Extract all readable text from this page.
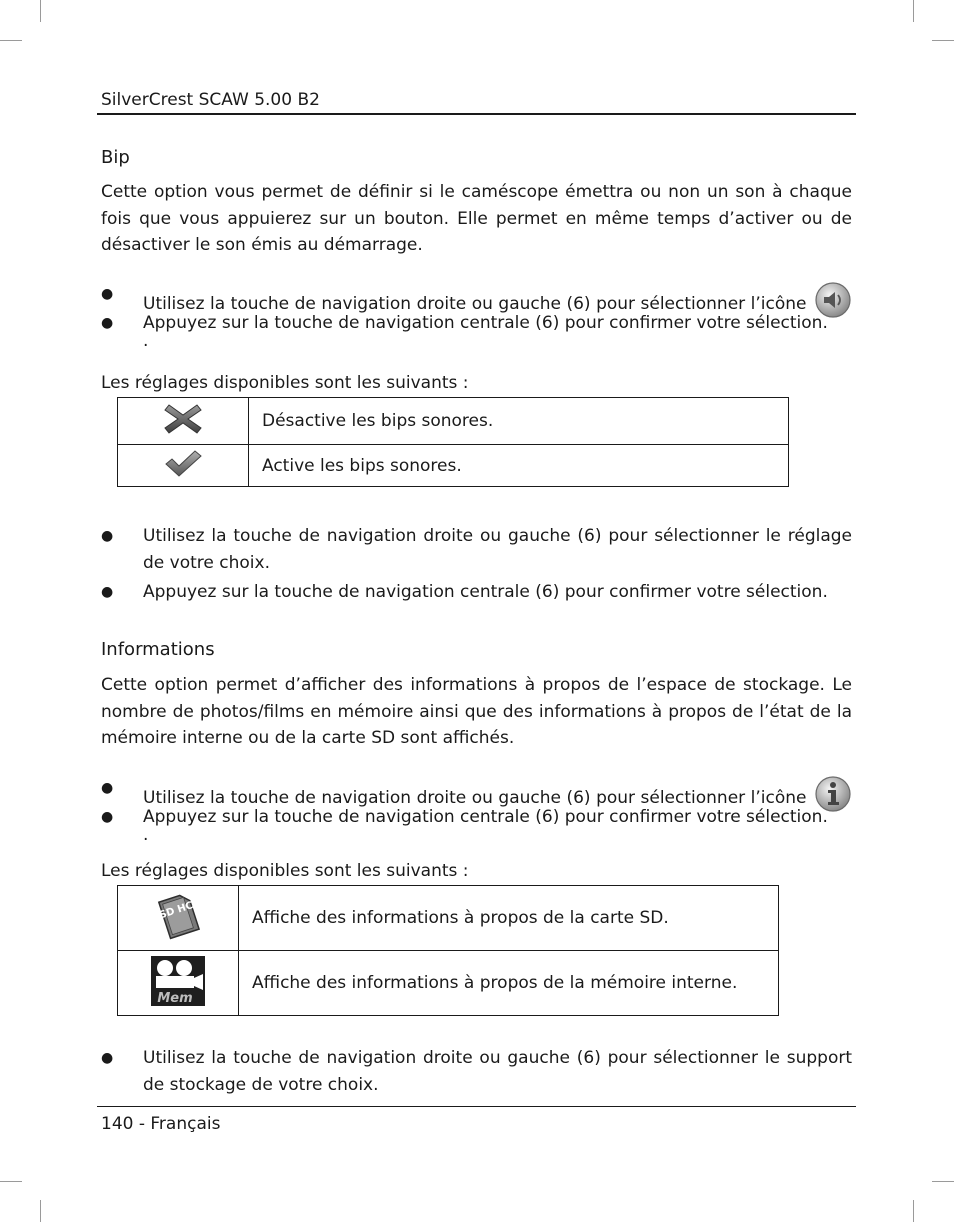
SilverCrest SCAW 5.00 B2
Bip

Cette option vous permet de définir si le caméscope émettra ou non un son à chaque fois que vous appuierez sur un bouton. Elle permet en même temps d’activer ou de désactiver le son émis au démarrage.

● Utilisez la touche de navigation droite ou gauche (6) pour sélectionner l’icône .
● Appuyez sur la touche de navigation centrale (6) pour confirmer votre sélection.
Les réglages disponibles sont les suivants :
	Désactive les bips sonores.
	Active les bips sonores.
● Utilisez la touche de navigation droite ou gauche (6) pour sélectionner le réglage de votre choix.
● Appuyez sur la touche de navigation centrale (6) pour confirmer votre sélection.
Informations

Cette option permet d’afficher des informations à propos de l’espace de stockage. Le nombre de photos/films en mémoire ainsi que des informations à propos de l’état de la mémoire interne ou de la carte SD sont affichés.

● Utilisez la touche de navigation droite ou gauche (6) pour sélectionner l’icône .
● Appuyez sur la touche de navigation centrale (6) pour confirmer votre sélection.
Les réglages disponibles sont les suivants :
SD HC	Affiche des informations à propos de la carte SD.

Mem	Affiche des informations à propos de la mémoire interne.
● Utilisez la touche de navigation droite ou gauche (6) pour sélectionner le support de stockage de votre choix.
140 - Français
